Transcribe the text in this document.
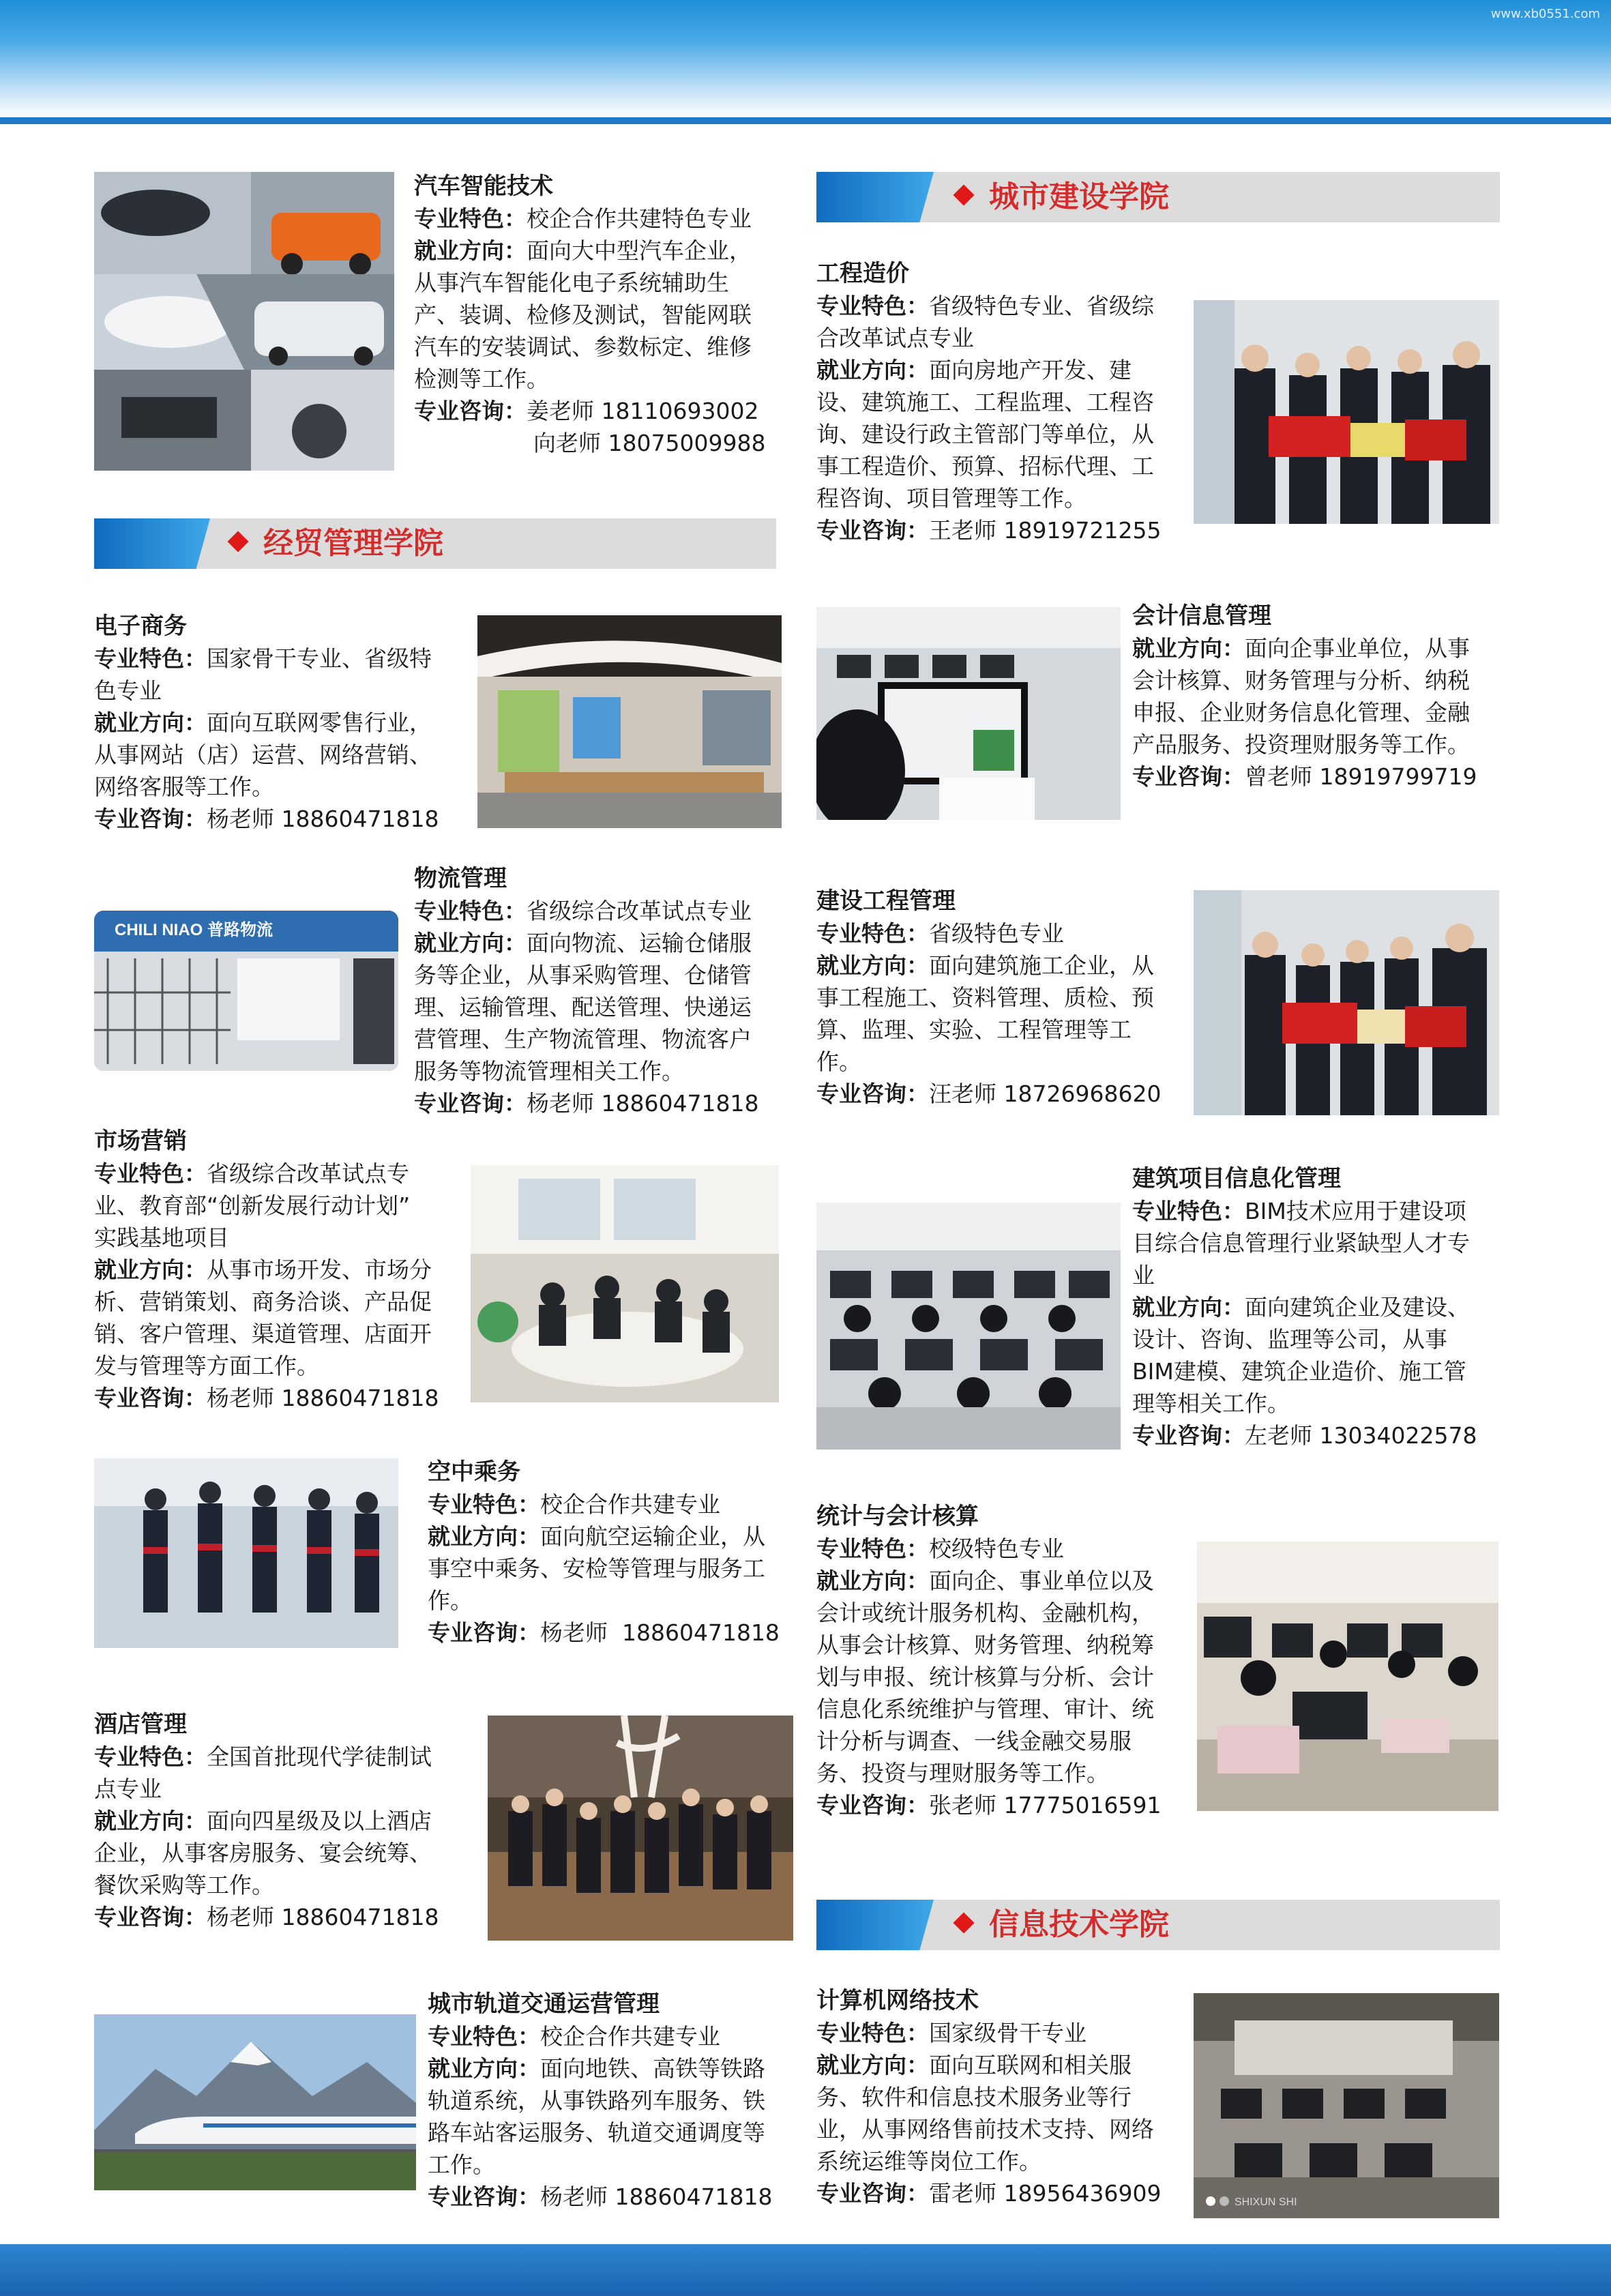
www.xb0551.com
汽车智能技术
专业特色：校企合作共建特色专业
就业方向：面向大中型汽车企业，
从事汽车智能化电子系统辅助生
产、装调、检修及测试，智能网联
汽车的安装调试、参数标定、维修
检测等工作。
专业咨询：姜老师 18110693002
向老师 18075009988
经贸管理学院
电子商务
专业特色：国家骨干专业、省级特
色专业
就业方向：面向互联网零售行业，
从事网站（店）运营、网络营销、
网络客服等工作。
专业咨询：杨老师 18860471818
CHILI NIAO 普路物流
物流管理
专业特色：省级综合改革试点专业
就业方向：面向物流、运输仓储服
务等企业，从事采购管理、仓储管
理、运输管理、配送管理、快递运
营管理、生产物流管理、物流客户
服务等物流管理相关工作。
专业咨询：杨老师 18860471818
市场营销
专业特色：省级综合改革试点专
业、教育部“创新发展行动计划”
实践基地项目
就业方向：从事市场开发、市场分
析、营销策划、商务洽谈、产品促
销、客户管理、渠道管理、店面开
发与管理等方面工作。
专业咨询：杨老师 18860471818
空中乘务
专业特色：校企合作共建专业
就业方向：面向航空运输企业，从
事空中乘务、安检等管理与服务工
作。
专业咨询：杨老师  18860471818
酒店管理
专业特色：全国首批现代学徒制试
点专业
就业方向：面向四星级及以上酒店
企业，从事客房服务、宴会统筹、
餐饮采购等工作。
专业咨询：杨老师 18860471818
城市轨道交通运营管理
专业特色：校企合作共建专业
就业方向：面向地铁、高铁等铁路
轨道系统，从事铁路列车服务、铁
路车站客运服务、轨道交通调度等
工作。
专业咨询：杨老师 18860471818
城市建设学院
工程造价
专业特色：省级特色专业、省级综
合改革试点专业
就业方向：面向房地产开发、建
设、建筑施工、工程监理、工程咨
询、建设行政主管部门等单位，从
事工程造价、预算、招标代理、工
程咨询、项目管理等工作。
专业咨询：王老师 18919721255
会计信息管理
就业方向：面向企事业单位，从事
会计核算、财务管理与分析、纳税
申报、企业财务信息化管理、金融
产品服务、投资理财服务等工作。
专业咨询：曾老师 18919799719
建设工程管理
专业特色：省级特色专业
就业方向：面向建筑施工企业，从
事工程施工、资料管理、质检、预
算、监理、实验、工程管理等工
作。
专业咨询：汪老师 18726968620
建筑项目信息化管理
专业特色：BIM技术应用于建设项
目综合信息管理行业紧缺型人才专
业
就业方向：面向建筑企业及建设、
设计、咨询、监理等公司，从事
BIM建模、建筑企业造价、施工管
理等相关工作。
专业咨询：左老师 13034022578
统计与会计核算
专业特色：校级特色专业
就业方向：面向企、事业单位以及
会计或统计服务机构、金融机构，
从事会计核算、财务管理、纳税筹
划与申报、统计核算与分析、会计
信息化系统维护与管理、审计、统
计分析与调查、一线金融交易服
务、投资与理财服务等工作。
专业咨询：张老师 17775016591
信息技术学院
计算机网络技术
专业特色：国家级骨干专业
就业方向：面向互联网和相关服
务、软件和信息技术服务业等行
业，从事网络售前技术支持、网络
系统运维等岗位工作。
专业咨询：雷老师 18956436909	SHIXUN SHI
